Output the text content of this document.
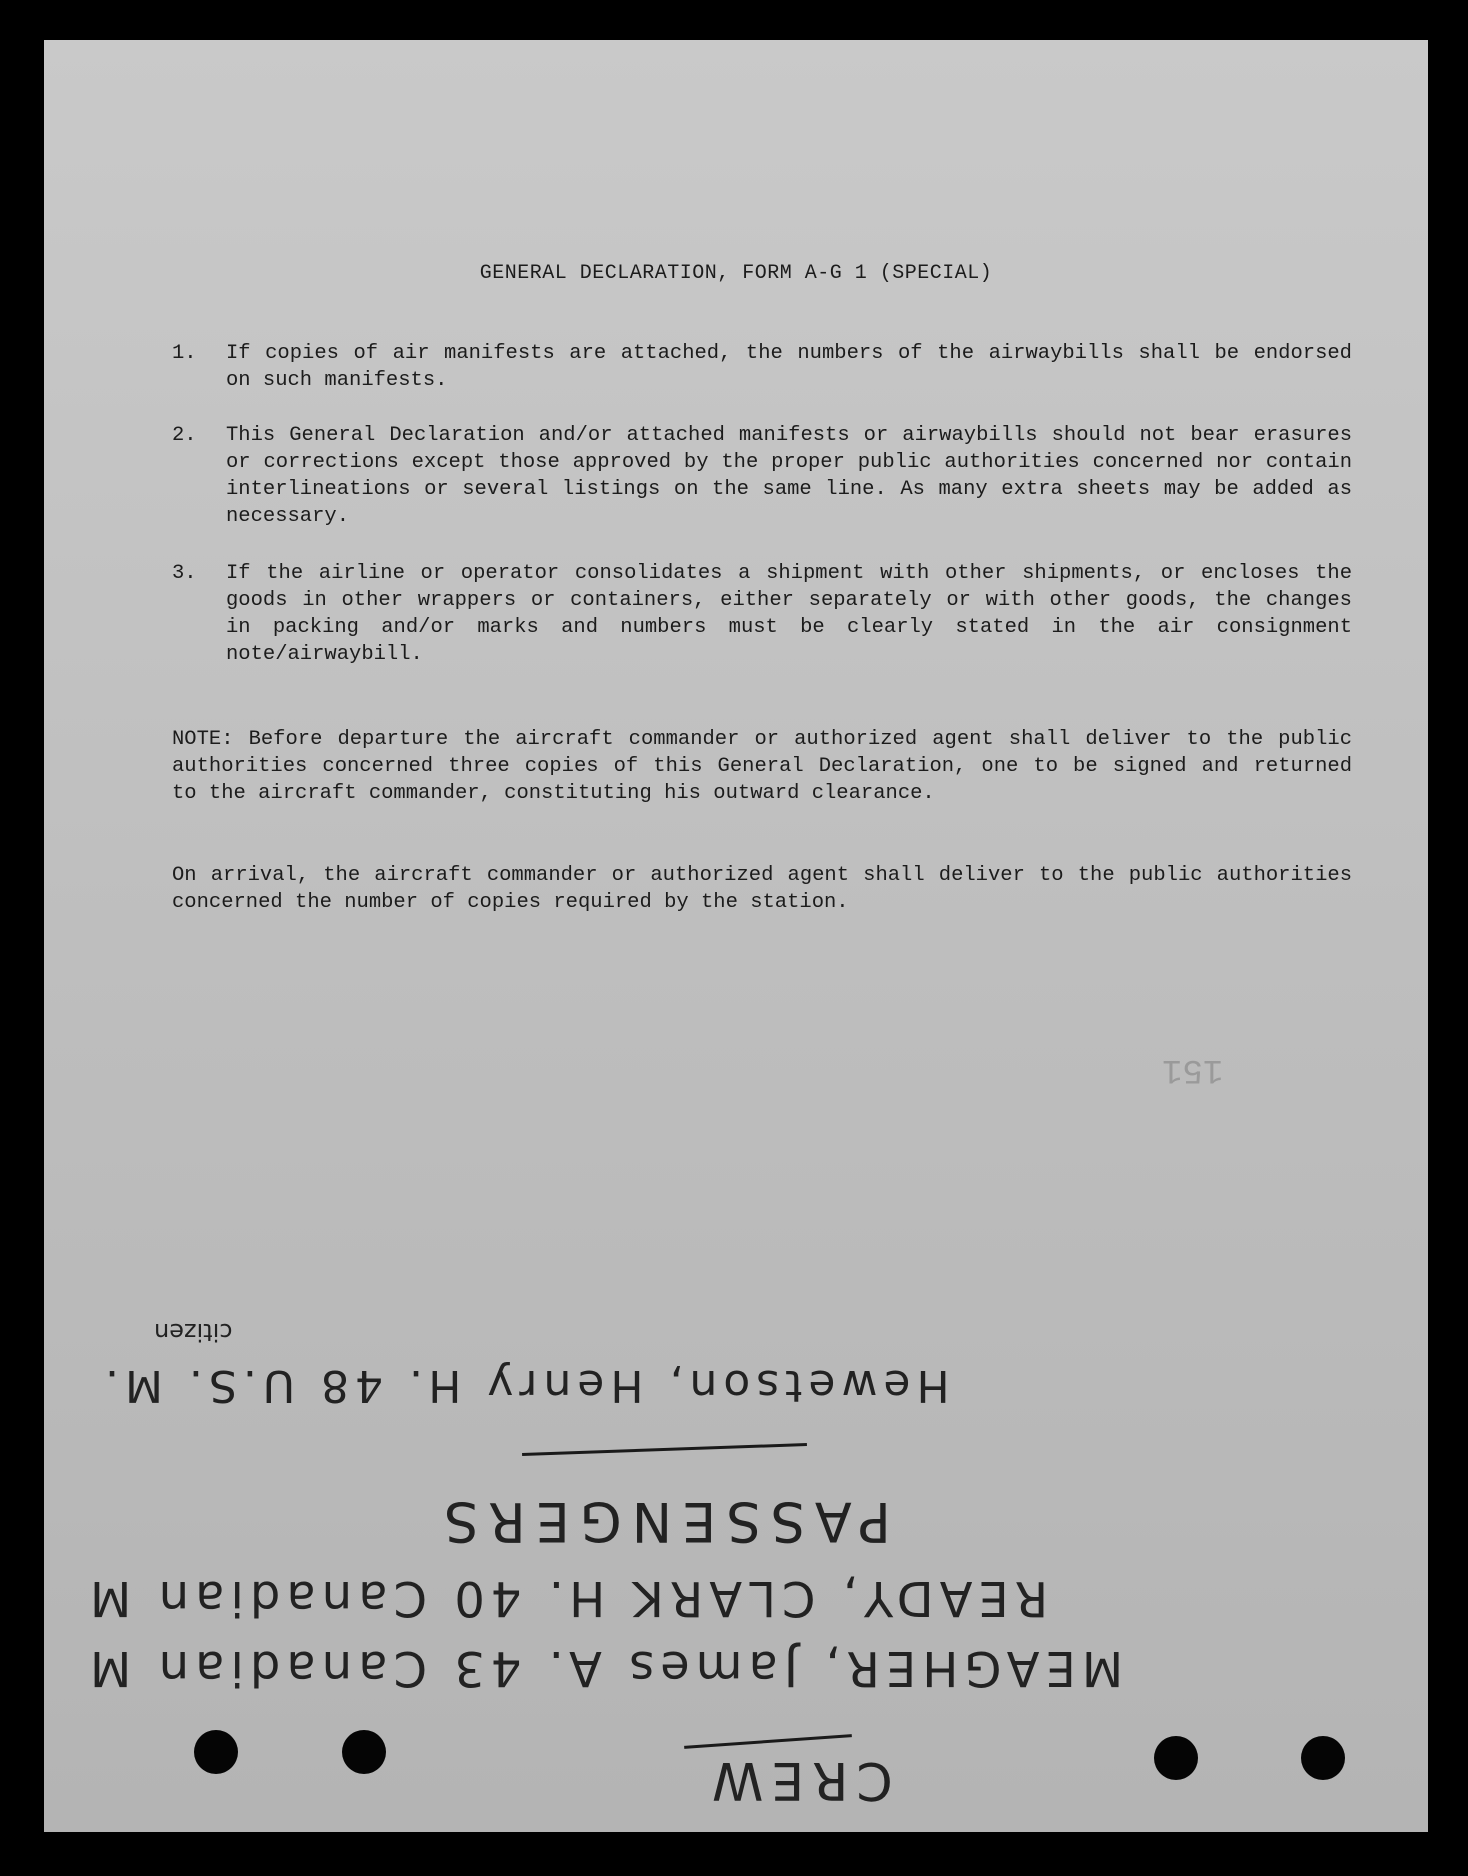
GENERAL DECLARATION, FORM A-G 1 (SPECIAL)
1. If copies of air manifests are attached, the numbers of the airwaybills shall be endorsed on such manifests.
2. This General Declaration and/or attached manifests or airwaybills should not bear erasures or corrections except those approved by the proper public authorities concerned nor contain interlineations or several listings on the same line. As many extra sheets may be added as necessary.
3. If the airline or operator consolidates a shipment with other shipments, or encloses the goods in other wrappers or containers, either separately or with other goods, the changes in packing and/or marks and numbers must be clearly stated in the air consignment note/airwaybill.
NOTE: Before departure the aircraft commander or authorized agent shall deliver to the public authorities concerned three copies of this General Declaration, one to be signed and returned to the aircraft commander, constituting his outward clearance.
On arrival, the aircraft commander or authorized agent shall deliver to the public authorities concerned the number of copies required by the station.
151
Hewetson, Henry H. 48 U.S. M.
citizen
PASSENGERS
MEAGHER, James A. 43 Canadian M
READY, CLARK H. 40 Canadian M
CREW
